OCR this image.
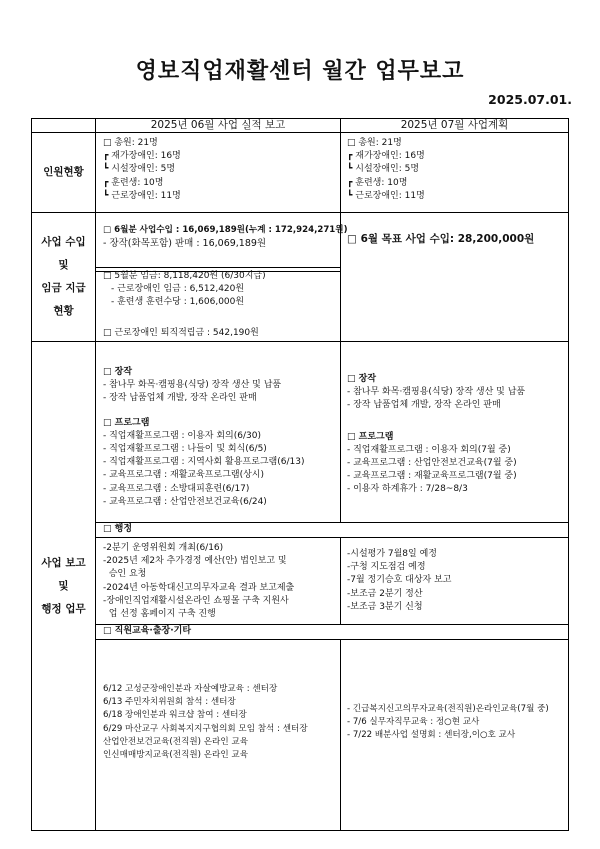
영보직업재활센터 월간 업무보고
2025.07.01.
2025년 06월 사업 실적 보고	2025년 07월 사업계획
인원현황
사업 수입
및
임금 지급
현황
사업 보고
및
행정 업무
□ 총원: 21명
┏ 재가장애인: 16명
┗ 시설장애인: 5명
┏ 훈련생: 10명
┗ 근로장애인: 11명
□ 총원: 21명
┏ 재가장애인: 16명
┗ 시설장애인: 5명
┏ 훈련생: 10명
┗ 근로장애인: 11명
□ 6월분 사업수입 : 16,069,189원(누계 : 172,924,271원)
- 장작(화목포함) 판매 : 16,069,189원	□ 6월 목표 사업 수입: 28,200,000원
□ 5월분 임금: 8,118,420원 (6/30지급)
- 근로장애인 임금 : 6,512,420원
- 훈련생 훈련수당 : 1,606,000원
□ 근로장애인 퇴직적립금 : 542,190원
□ 장작
- 참나무 화목·캠핑용(식당) 장작 생산 및 납품
- 장작 납품업체 개발, 장작 온라인 판매
□ 프로그램
- 직업재활프로그램 : 이용자 회의(6/30)
- 직업재활프로그램 : 나들이 및 회식(6/5)
- 직업재활프로그램 : 지역사회 활용프로그램(6/13)
- 교육프로그램 : 재활교육프로그램(상시)
- 교육프로그램 : 소방대피훈련(6/17)
- 교육프로그램 : 산업안전보건교육(6/24)
□ 장작
- 참나무 화목·캠핑용(식당) 장작 생산 및 납품
- 장작 납품업체 개발, 장작 온라인 판매
□ 프로그램
- 직업재활프로그램 : 이용자 회의(7월 중)
- 교육프로그램 : 산업안전보건교육(7월 중)
- 교육프로그램 : 재활교육프로그램(7월 중)
- 이용자 하계휴가 : 7/28~8/3
□ 행정
-2분기 운영위원회 개최(6/16)
-2025년 제2차 추가경정 예산(안) 법인보고 및
승인 요청
-2024년 아동학대신고의무자교육 결과 보고제출
-장애인직업재활시설온라인 쇼핑몰 구축 지원사
업 선정 홈페이지 구축 진행
-시설평가 7월8일 예정
-구청 지도점검 예정
-7월 정기승호 대상자 보고
-보조금 2분기 정산
-보조금 3분기 신청
□ 직원교육·출장·기타
6/12 고성군장애인분과 자살예방교육 : 센터장
6/13 주민자치위원회 참석 : 센터장
6/18 장애인분과 워크샵 참여 : 센터장
6/29 마산교구 사회복지지구협의회 모임 참석 : 센터장
산업안전보건교육(전직원) 온라인 교육
인신매매방지교육(전직원) 온라인 교육
- 긴급복지신고의무자교육(전직원)온라인교육(7월 중)
- 7/6 실무자직무교육 : 정○현 교사
- 7/22 배분사업 설명회 : 센터장,이○호 교사
